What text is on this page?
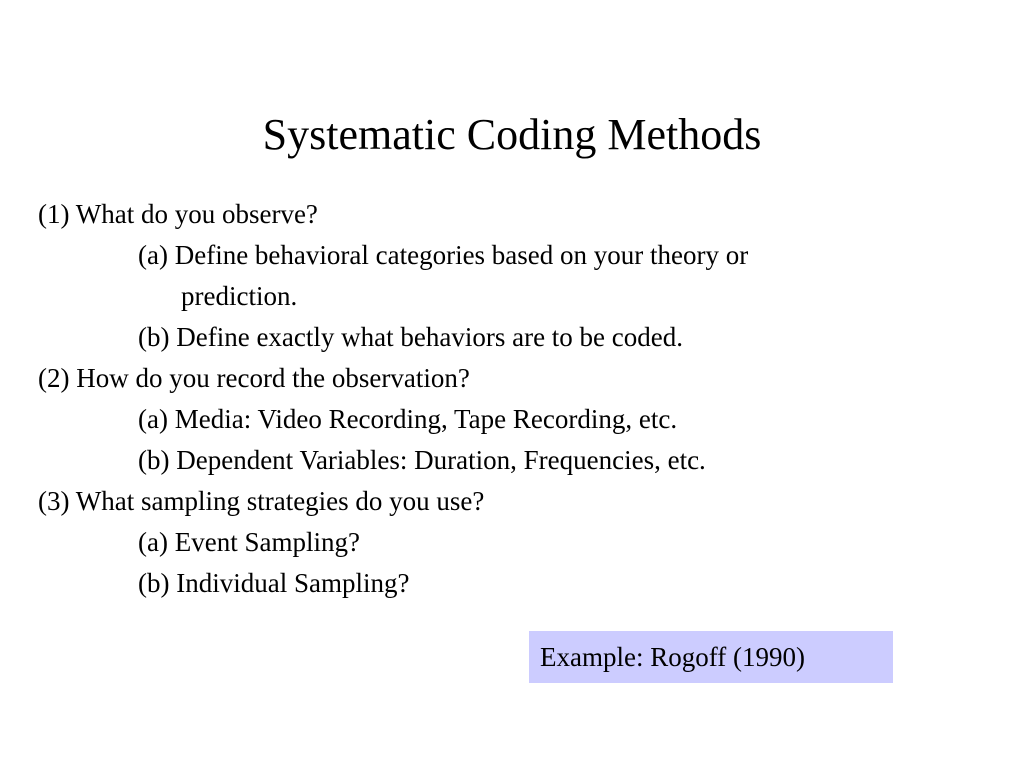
Systematic Coding Methods
(1) What do you observe?
(a) Define behavioral categories based on your theory or
prediction.
(b) Define exactly what behaviors are to be coded.
(2) How do you record the observation?
(a) Media: Video Recording, Tape Recording, etc.
(b) Dependent Variables: Duration, Frequencies, etc.
(3) What sampling strategies do you use?
(a) Event Sampling?
(b) Individual Sampling?
Example: Rogoff (1990)
